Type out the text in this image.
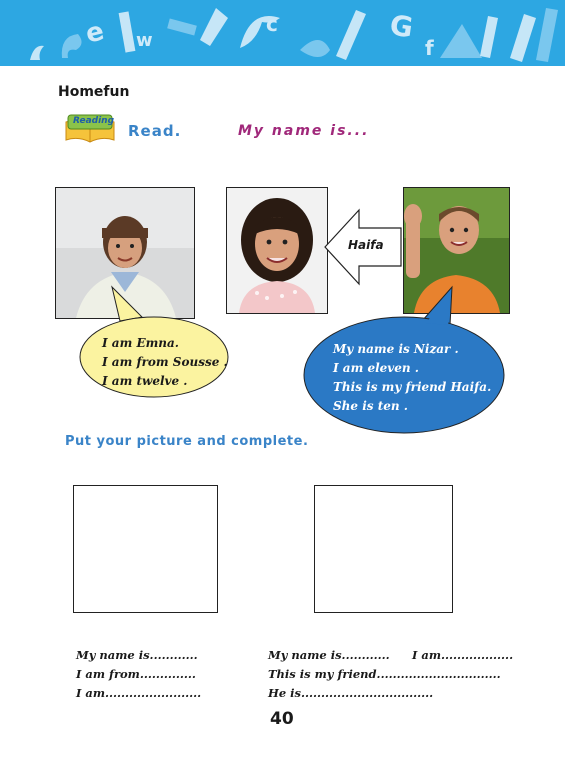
e w
c	G
f
Homefun
Reading
Read.	My name is...
Haifa
I am Emna.
I am from Sousse .
I am twelve .
My name is Nizar .
I am eleven .
This is my friend Haifa.
She is ten .
Put your picture and complete.
My name is............
I am from..............
I am........................
My name is............
This is my friend...............................
He is.................................
I am..................
40
